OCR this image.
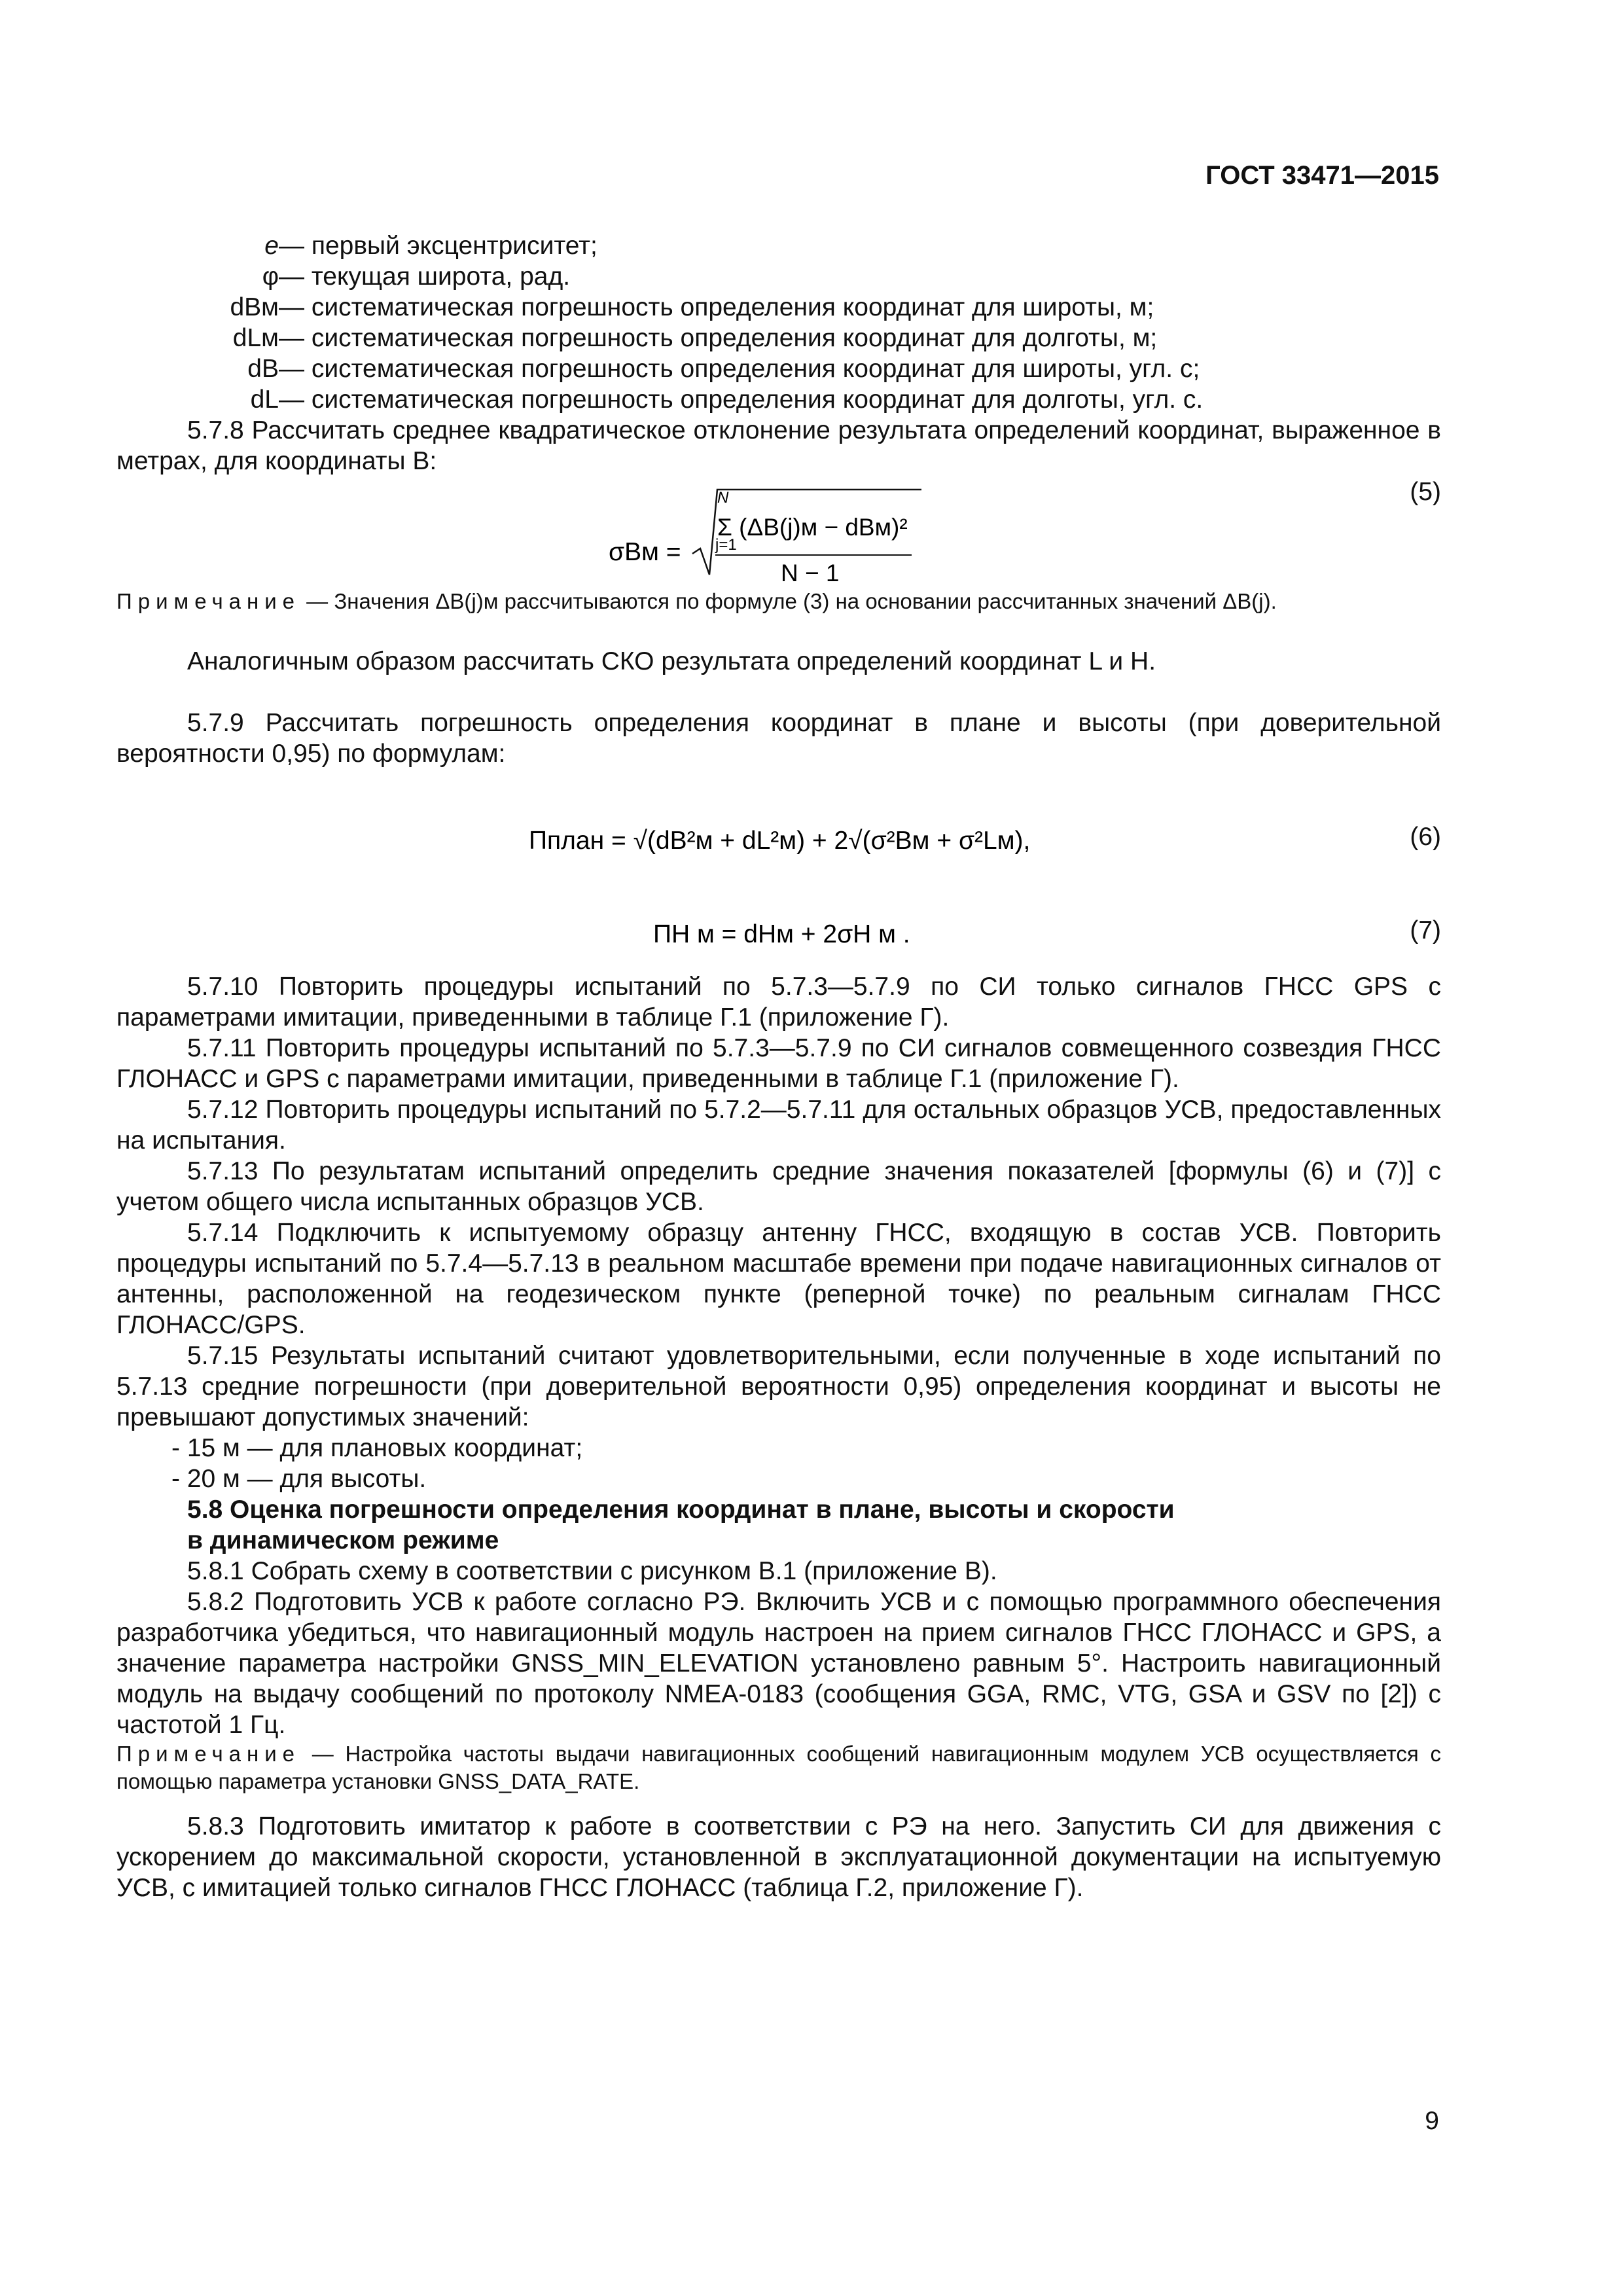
ГОСТ 33471—2015
e — первый эксцентриситет;
φ — текущая широта, рад.
dBм — систематическая погрешность определения координат для широты, м;
dLм — систематическая погрешность определения координат для долготы, м;
dB — систематическая погрешность определения координат для широты, угл. с;
dL — систематическая погрешность определения координат для долготы, угл. с.

5.7.8 Рассчитать среднее квадратическое отклонение результата определений координат, выраженное в метрах, для координаты B:

σBм =
N
Σ (ΔB(j)м − dBм)²
j=1
N − 1
(5)
Примечание — Значения ΔB(j)м рассчитываются по формуле (3) на основании рассчитанных значений ΔB(j).

Аналогичным образом рассчитать СКО результата определений координат L и H.

5.7.9 Рассчитать погрешность определения координат в плане и высоты (при доверительной вероятности 0,95) по формулам:

Пплан = √(dB²м + dL²м) + 2√(σ²Bм + σ²Lм),	(6)
ПH м = dHм + 2σH м .	(7)

5.7.10 Повторить процедуры испытаний по 5.7.3—5.7.9 по СИ только сигналов ГНСС GPS с параметрами имитации, приведенными в таблице Г.1 (приложение Г).

5.7.11 Повторить процедуры испытаний по 5.7.3—5.7.9 по СИ сигналов совмещенного созвездия ГНСС ГЛОНАСС и GPS с параметрами имитации, приведенными в таблице Г.1 (приложение Г).

5.7.12 Повторить процедуры испытаний по 5.7.2—5.7.11 для остальных образцов УСВ, предоставленных на испытания.

5.7.13 По результатам испытаний определить средние значения показателей [формулы (6) и (7)] с учетом общего числа испытанных образцов УСВ.

5.7.14 Подключить к испытуемому образцу антенну ГНСС, входящую в состав УСВ. Повторить процедуры испытаний по 5.7.4—5.7.13 в реальном масштабе времени при подаче навигационных сигналов от антенны, расположенной на геодезическом пункте (реперной точке) по реальным сигналам ГНСС ГЛОНАСС/GPS.

5.7.15 Результаты испытаний считают удовлетворительными, если полученные в ходе испытаний по 5.7.13 средние погрешности (при доверительной вероятности 0,95) определения координат и высоты не превышают допустимых значений:

- 15 м — для плановых координат;
- 20 м — для высоты.
5.8 Оценка погрешности определения координат в плане, высоты и скорости
в динамическом режиме

5.8.1 Собрать схему в соответствии с рисунком В.1 (приложение В).

5.8.2 Подготовить УСВ к работе согласно РЭ. Включить УСВ и с помощью программного обеспечения разработчика убедиться, что навигационный модуль настроен на прием сигналов ГНСС ГЛОНАСС и GPS, а значение параметра настройки GNSS_MIN_ELEVATION установлено равным 5°. Настроить навигационный модуль на выдачу сообщений по протоколу NMEA-0183 (сообщения GGA, RMC, VTG, GSA и GSV по [2]) с частотой 1 Гц.

Примечание — Настройка частоты выдачи навигационных сообщений навигационным модулем УСВ осуществляется с помощью параметра установки GNSS_DATA_RATE.

5.8.3 Подготовить имитатор к работе в соответствии с РЭ на него. Запустить СИ для движения с ускорением до максимальной скорости, установленной в эксплуатационной документации на испытуемую УСВ, с имитацией только сигналов ГНСС ГЛОНАСС (таблица Г.2, приложение Г).

9
